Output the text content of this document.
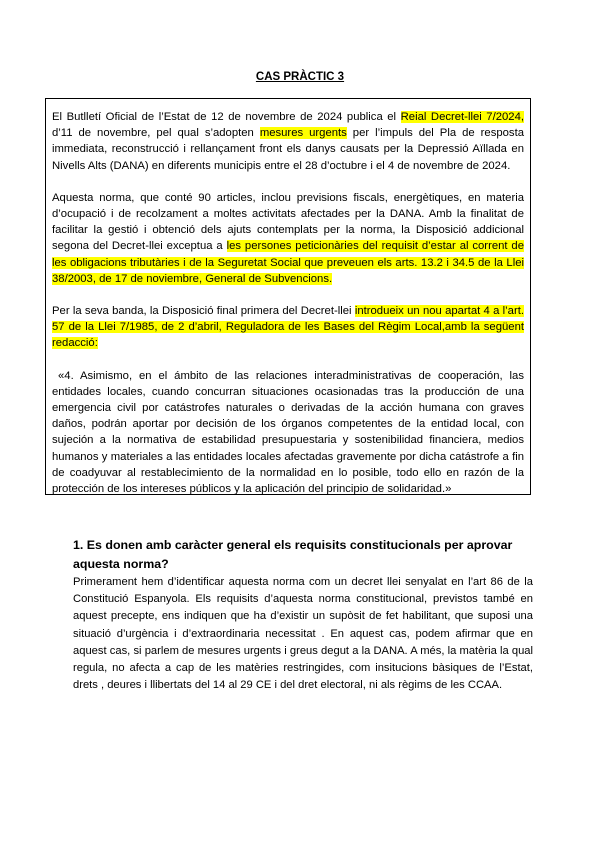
CAS PRÀCTIC 3

El Butlletí Oficial de l’Estat de 12 de novembre de 2024 publica el Reial Decret-llei 7/2024, d’11 de novembre, pel qual s’adopten mesures urgents per l’impuls del Pla de resposta immediata, reconstrucció i rellançament front els danys causats per la Depressió Aïllada en Nivells Alts (DANA) en diferents municipis entre el 28 d’octubre i el 4 de novembre de 2024.

Aquesta norma, que conté 90 articles, inclou previsions fiscals, energètiques, en materia d’ocupació i de recolzament a moltes activitats afectades per la DANA. Amb la finalitat de facilitar la gestió i obtenció dels ajuts contemplats per la norma, la Disposició addicional segona del Decret-llei exceptua a les persones peticionàries del requisit d’estar al corrent de les obligacions tributàries i de la Seguretat Social que preveuen els arts. 13.2 i 34.5 de la Llei 38/2003, de 17 de noviembre, General de Subvencions.

Per la seva banda, la Disposició final primera del Decret-llei introdueix un nou apartat 4 a l’art. 57 de la Llei 7/1985, de 2 d’abril, Reguladora de les Bases del Règim Local,amb la següent redacció:

«4. Asimismo, en el ámbito de las relaciones interadministrativas de cooperación, las entidades locales, cuando concurran situaciones ocasionadas tras la producción de una emergencia civil por catástrofes naturales o derivadas de la acción humana con graves daños, podrán aportar por decisión de los órganos competentes de la entidad local, con sujeción a la normativa de estabilidad presupuestaria y sostenibilidad financiera, medios humanos y materiales a las entidades locales afectadas gravemente por dicha catástrofe a fin de coadyuvar al restablecimiento de la normalidad en lo posible, todo ello en razón de la protección de los intereses públicos y la aplicación del principio de solidaridad.»

1. Es donen amb caràcter general els requisits constitucionals per aprovar aquesta norma?

Primerament hem d’identificar aquesta norma com un decret llei senyalat en l’art 86 de la Constitució Espanyola. Els requisits d’aquesta norma constitucional, previstos també en aquest precepte, ens indiquen que ha d’existir un supòsit de fet habilitant, que suposi una situació d’urgència i d’extraordinaria necessitat . En aquest cas, podem afirmar que en aquest cas, si parlem de mesures urgents i greus degut a la DANA. A més, la matèria la qual regula, no afecta a cap de les matèries restringides, com insitucions bàsiques de l’Estat, drets , deures i llibertats del 14 al 29 CE i del dret electoral, ni als règims de les CCAA.
